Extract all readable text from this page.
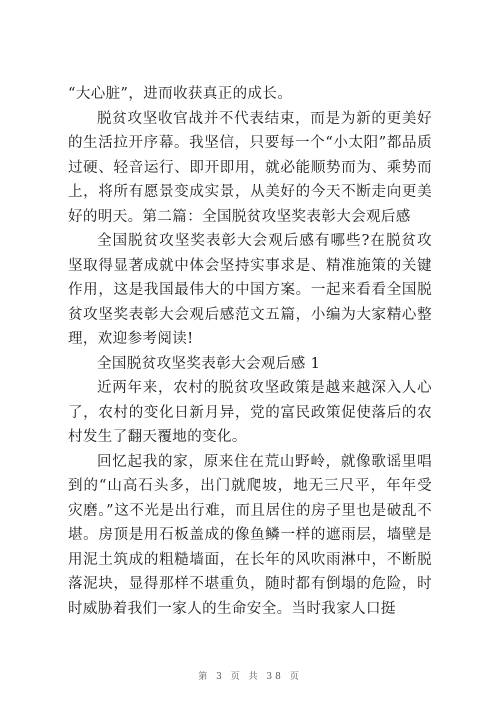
“大心脏”，进而收获真正的成长。

脱贫攻坚收官战并不代表结束，而是为新的更美好的生活拉开序幕。我坚信，只要每一个“小太阳”都品质过硬、轻音运行、即开即用，就必能顺势而为、乘势而上，将所有愿景变成实景，从美好的今天不断走向更美好的明天。第二篇：全国脱贫攻坚奖表彰大会观后感

全国脱贫攻坚奖表彰大会观后感有哪些?在脱贫攻坚取得显著成就中体会坚持实事求是、精准施策的关键作用，这是我国最伟大的中国方案。一起来看看全国脱贫攻坚奖表彰大会观后感范文五篇，小编为大家精心整理，欢迎参考阅读!

全国脱贫攻坚奖表彰大会观后感 1

近两年来，农村的脱贫攻坚政策是越来越深入人心了，农村的变化日新月异，党的富民政策促使落后的农村发生了翻天覆地的变化。

回忆起我的家，原来住在荒山野岭，就像歌谣里唱到的“山高石头多，出门就爬坡，地无三尺平，年年受灾磨。”这不光是出行难，而且居住的房子里也是破乱不堪。房顶是用石板盖成的像鱼鳞一样的遮雨层，墙壁是用泥土筑成的粗糙墙面，在长年的风吹雨淋中，不断脱落泥块，显得那样不堪重负，随时都有倒塌的危险，时时威胁着我们一家人的生命安全。当时我家人口挺

第 3 页 共 38 页
